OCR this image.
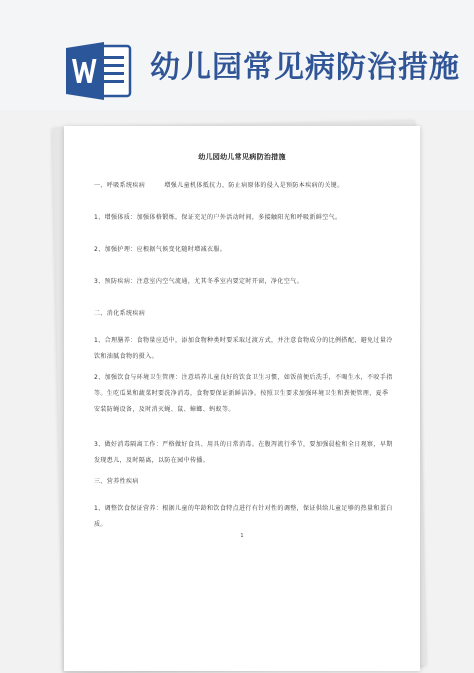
幼儿园常见病防治措施
幼儿园幼儿常见病防治措施
一、呼吸系统疾病　　　增强儿童机体抵抗力，防止病原体的侵入是预防本疾病的关键。
1、增强体质：加强体格锻炼，保证充足的户外活动时间，多接触阳光和呼吸新鲜空气。
2、加强护理：应根据气候变化随时增减衣服。
3、预防疾病：注意室内空气流通，尤其冬季室内要定时开窗，净化空气。
二、消化系统疾病
1、合理膳养：食物量应适中，添加食物种类时要采取过渡方式，并注意食物成分的比例搭配，避免过量冷饮和油腻食物的摄入。
2、加强饮食与环境卫生管理：注意培养儿童良好的饮食卫生习惯，如饭前便后洗手，不喝生水，不咬手指等。生吃瓜果和蔬菜时要洗净消毒，食物要保证新鲜洁净。按照卫生要求加强环境卫生和粪便管理，夏季安装防蝇设备，及时消灭蝇、鼠、蟑螂、蚂蚁等。
3、做好消毒隔离工作：严格做好食具、用具的日常消毒。在腹泻流行季节，要加强晨检和全日观察，早期发现患儿，及时隔离，以防在园中传播。
三、营养性疾病
1、调整饮食保证营养：根据儿童的年龄和饮食特点进行有针对性的调整，保证供给儿童足够的热量和蛋白质。
1
